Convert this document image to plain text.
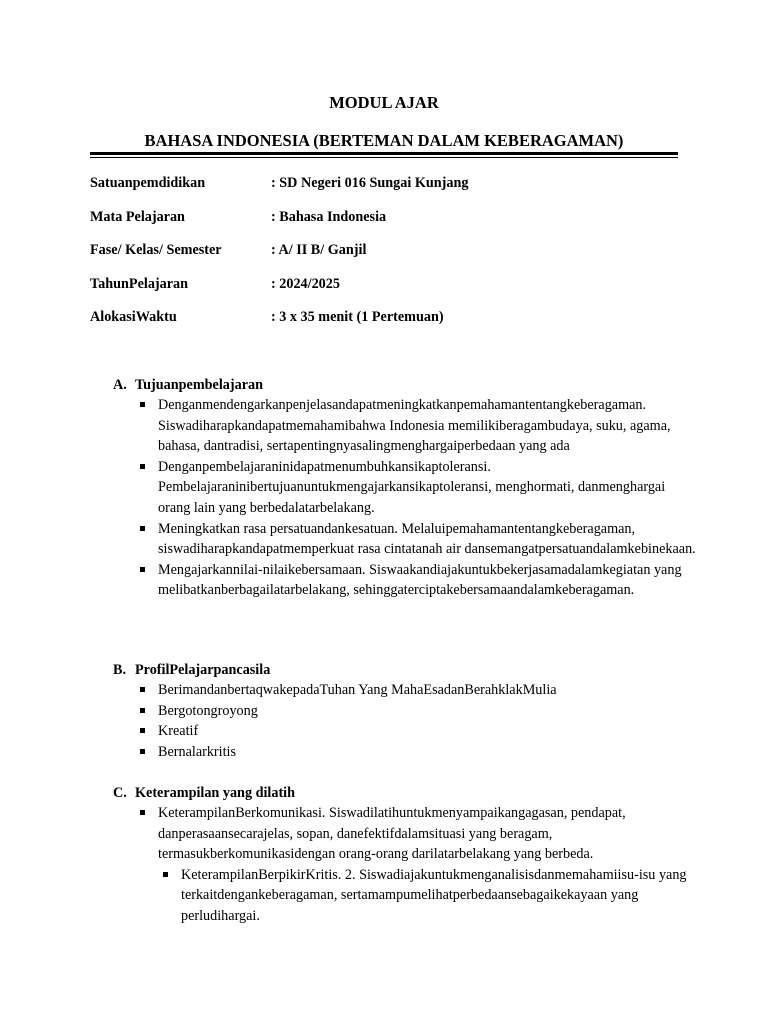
MODUL AJAR
BAHASA INDONESIA (BERTEMAN DALAM KEBERAGAMAN)
Satuanpemdidikan	: SD Negeri 016 Sungai Kunjang
Mata Pelajaran	: Bahasa Indonesia
Fase/ Kelas/ Semester	: A/ II B/ Ganjil
TahunPelajaran	: 2024/2025
AlokasiWaktu	: 3 x 35 menit (1 Pertemuan)
A. Tujuanpembelajaran
Denganmendengarkanpenjelasandapatmeningkatkanpemahamantentangkeberagaman. Siswadiharapkandapatmemahamibahwa Indonesia memilikiberagambudaya, suku, agama, bahasa, dantradisi, sertapentingnyasalingmenghargaiperbedaan yang ada
Denganpembelajaraninidapatmenumbuhkansikaptoleransi. Pembelajaraninibertujuanuntukmengajarkansikaptoleransi, menghormati, danmenghargai orang lain yang berbedalatarbelakang.
Meningkatkan rasa persatuandankesatuan. Melaluipemahamantentangkeberagaman, siswadiharapkandapatmemperkuat rasa cintatanah air dansemangatpersatuandalamkebinekaan.
Mengajarkannilai-nilaikebersamaan. Siswaakandiajakuntukbekerjasamadalamkegiatan yang melibatkanberbagailatarbelakang, sehinggaterciptakebersamaandalamkeberagaman.
B. ProfilPelajarpancasila
BerimandanbertaqwakepadaTuhan Yang MahaEsadanBerahklakMulia
Bergotongroyong
Kreatif
Bernalarkritis
C. Keterampilan yang dilatih
KeterampilanBerkomunikasi. Siswadilatihuntukmenyampaikangagasan, pendapat, danperasaansecarajelas, sopan, danefektifdalamsituasi yang beragam, termasukberkomunikasidengan orang-orang darilatarbelakang yang berbeda.
KeterampilanBerpikirKritis. 2. Siswadiajakuntukmenganalisisdanmemahamiisu-isu yang terkaitdengankeberagaman, sertamampumelihatperbedaansebagaikekayaan yang perludihargai.
